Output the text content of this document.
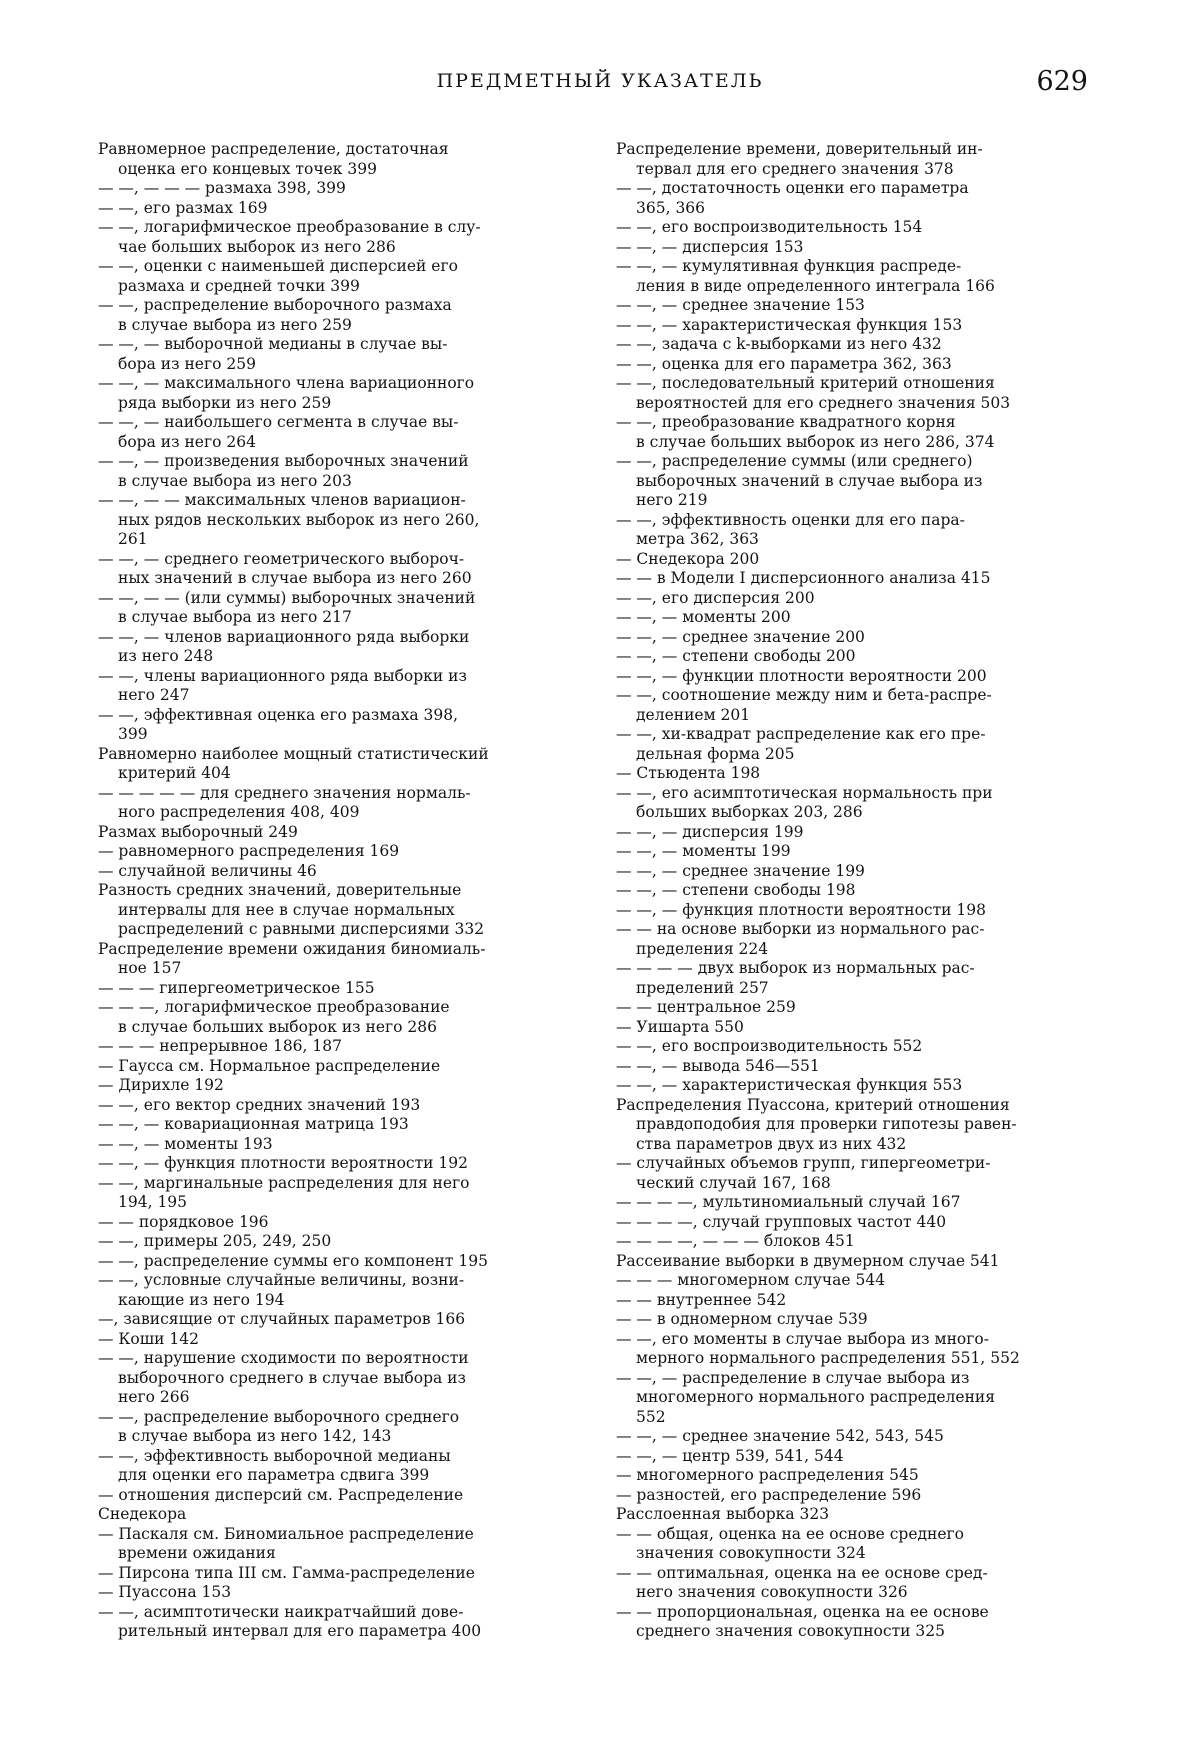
ПРЕДМЕТНЫЙ УКАЗАТЕЛЬ	629
Равномерное распределение, достаточная
оценка его концевых точек 399
— —, — — — размаха 398, 399
— —, его размах 169
— —, логарифмическое преобразование в слу-
чае больших выборок из него 286
— —, оценки с наименьшей дисперсией его
размаха и средней точки 399
— —, распределение выборочного размаха
в случае выбора из него 259
— —, — выборочной медианы в случае вы-
бора из него 259
— —, — максимального члена вариационного
ряда выборки из него 259
— —, — наибольшего сегмента в случае вы-
бора из него 264
— —, — произведения выборочных значений
в случае выбора из него 203
— —, — — максимальных членов вариацион-
ных рядов нескольких выборок из него 260,
261
— —, — среднего геометрического выбороч-
ных значений в случае выбора из него 260
— —, — — (или суммы) выборочных значений
в случае выбора из него 217
— —, — членов вариационного ряда выборки
из него 248
— —, члены вариационного ряда выборки из
него 247
— —, эффективная оценка его размаха 398,
399
Равномерно наиболее мощный статистический
критерий 404
— — — — — для среднего значения нормаль-
ного распределения 408, 409
Размах выборочный 249
— равномерного распределения 169
— случайной величины 46
Разность средних значений, доверительные
интервалы для нее в случае нормальных
распределений с равными дисперсиями 332
Распределение времени ожидания биномиаль-
ное 157
— — — гипергеометрическое 155
— — —, логарифмическое преобразование
в случае больших выборок из него 286
— — — непрерывное 186, 187
— Гаусса см. Нормальное распределение
— Дирихле 192
— —, его вектор средних значений 193
— —, — ковариационная матрица 193
— —, — моменты 193
— —, — функция плотности вероятности 192
— —, маргинальные распределения для него
194, 195
— — порядковое 196
— —, примеры 205, 249, 250
— —, распределение суммы его компонент 195
— —, условные случайные величины, возни-
кающие из него 194
—, зависящие от случайных параметров 166
— Коши 142
— —, нарушение сходимости по вероятности
выборочного среднего в случае выбора из
него 266
— —, распределение выборочного среднего
в случае выбора из него 142, 143
— —, эффективность выборочной медианы
для оценки его параметра сдвига 399
— отношения дисперсий см. Распределение
Снедекора
— Паскаля см. Биномиальное распределение
времени ожидания
— Пирсона типа III см. Гамма-распределение
— Пуассона 153
— —, асимптотически наикратчайший дове-
рительный интервал для его параметра 400
Распределение времени, доверительный ин-
тервал для его среднего значения 378
— —, достаточность оценки его параметра
365, 366
— —, его воспроизводительность 154
— —, — дисперсия 153
— —, — кумулятивная функция распреде-
ления в виде определенного интеграла 166
— —, — среднее значение 153
— —, — характеристическая функция 153
— —, задача с k-выборками из него 432
— —, оценка для его параметра 362, 363
— —, последовательный критерий отношения
вероятностей для его среднего значения 503
— —, преобразование квадратного корня
в случае больших выборок из него 286, 374
— —, распределение суммы (или среднего)
выборочных значений в случае выбора из
него 219
— —, эффективность оценки для его пара-
метра 362, 363
— Снедекора 200
— — в Модели I дисперсионного анализа 415
— —, его дисперсия 200
— —, — моменты 200
— —, — среднее значение 200
— —, — степени свободы 200
— —, — функции плотности вероятности 200
— —, соотношение между ним и бета-распре-
делением 201
— —, хи-квадрат распределение как его пре-
дельная форма 205
— Стьюдента 198
— —, его асимптотическая нормальность при
больших выборках 203, 286
— —, — дисперсия 199
— —, — моменты 199
— —, — среднее значение 199
— —, — степени свободы 198
— —, — функция плотности вероятности 198
— — на основе выборки из нормального рас-
пределения 224
— — — — двух выборок из нормальных рас-
пределений 257
— — центральное 259
— Уишарта 550
— —, его воспроизводительность 552
— —, — вывода 546—551
— —, — характеристическая функция 553
Распределения Пуассона, критерий отношения
правдоподобия для проверки гипотезы равен-
ства параметров двух из них 432
— случайных объемов групп, гипергеометри-
ческий случай 167, 168
— — — —, мультиномиальный случай 167
— — — —, случай групповых частот 440
— — — —, — — — блоков 451
Рассеивание выборки в двумерном случае 541
— — — многомерном случае 544
— — внутреннее 542
— — в одномерном случае 539
— —, его моменты в случае выбора из много-
мерного нормального распределения 551, 552
— —, — распределение в случае выбора из
многомерного нормального распределения
552
— —, — среднее значение 542, 543, 545
— —, — центр 539, 541, 544
— многомерного распределения 545
— разностей, его распределение 596
Расслоенная выборка 323
— — общая, оценка на ее основе среднего
значения совокупности 324
— — оптимальная, оценка на ее основе сред-
него значения совокупности 326
— — пропорциональная, оценка на ее основе
среднего значения совокупности 325
